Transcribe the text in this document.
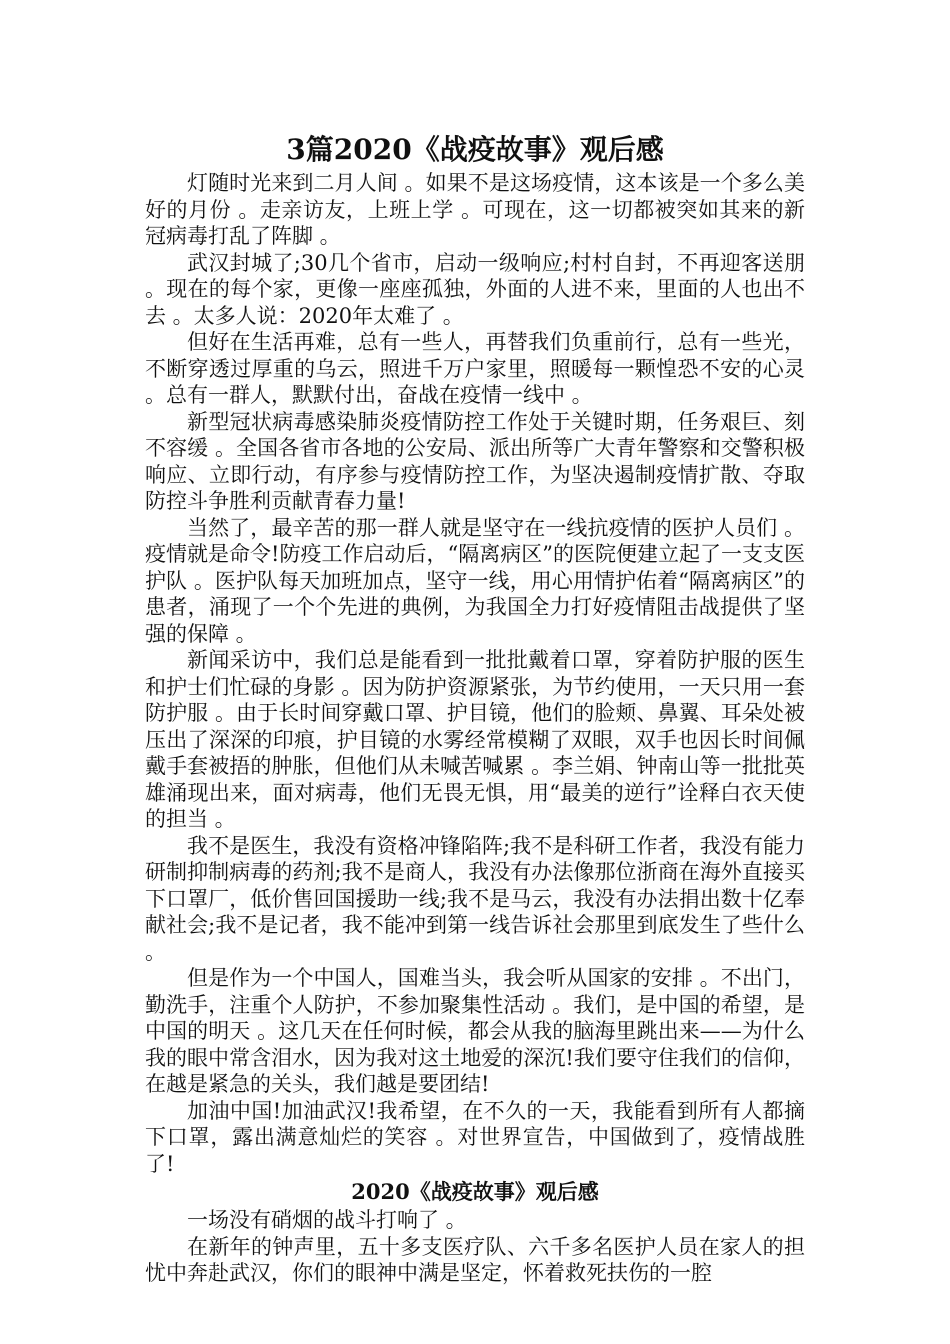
3篇2020《战疫故事》观后感

灯随时光来到二月人间 。如果不是这场疫情，这本该是一个多么美好的月份 。走亲访友，上班上学 。可现在，这一切都被突如其来的新冠病毒打乱了阵脚 。

武汉封城了;30几个省市，启动一级响应;村村自封，不再迎客送朋 。现在的每个家，更像一座座孤独，外面的人进不来，里面的人也出不去 。太多人说：2020年太难了 。

但好在生活再难，总有一些人，再替我们负重前行，总有一些光，不断穿透过厚重的乌云，照进千万户家里，照暖每一颗惶恐不安的心灵 。总有一群人，默默付出，奋战在疫情一线中 。

新型冠状病毒感染肺炎疫情防控工作处于关键时期，任务艰巨、刻不容缓 。全国各省市各地的公安局、派出所等广大青年警察和交警积极响应、立即行动，有序参与疫情防控工作，为坚决遏制疫情扩散、夺取防控斗争胜利贡献青春力量!

当然了，最辛苦的那一群人就是坚守在一线抗疫情的医护人员们 。疫情就是命令!防疫工作启动后，“隔离病区”的医院便建立起了一支支医护队 。医护队每天加班加点，坚守一线，用心用情护佑着“隔离病区”的患者，涌现了一个个先进的典例，为我国全力打好疫情阻击战提供了坚强的保障 。

新闻采访中，我们总是能看到一批批戴着口罩，穿着防护服的医生和护士们忙碌的身影 。因为防护资源紧张，为节约使用，一天只用一套防护服 。由于长时间穿戴口罩、护目镜，他们的脸颊、鼻翼、耳朵处被压出了深深的印痕，护目镜的水雾经常模糊了双眼，双手也因长时间佩戴手套被捂的肿胀，但他们从未喊苦喊累 。李兰娟、钟南山等一批批英雄涌现出来，面对病毒，他们无畏无惧，用“最美的逆行”诠释白衣天使的担当 。

我不是医生，我没有资格冲锋陷阵;我不是科研工作者，我没有能力研制抑制病毒的药剂;我不是商人，我没有办法像那位浙商在海外直接买下口罩厂，低价售回国援助一线;我不是马云，我没有办法捐出数十亿奉献社会;我不是记者，我不能冲到第一线告诉社会那里到底发生了些什么 。

但是作为一个中国人，国难当头，我会听从国家的安排 。不出门，勤洗手，注重个人防护，不参加聚集性活动 。我们，是中国的希望，是中国的明天 。这几天在任何时候，都会从我的脑海里跳出来——为什么我的眼中常含泪水，因为我对这土地爱的深沉!我们要守住我们的信仰，在越是紧急的关头，我们越是要团结!

加油中国!加油武汉!我希望，在不久的一天，我能看到所有人都摘下口罩，露出满意灿烂的笑容 。对世界宣告，中国做到了，疫情战胜了!

2020《战疫故事》观后感

一场没有硝烟的战斗打响了 。

在新年的钟声里，五十多支医疗队、六千多名医护人员在家人的担忧中奔赴武汉，你们的眼神中满是坚定，怀着救死扶伤的一腔
